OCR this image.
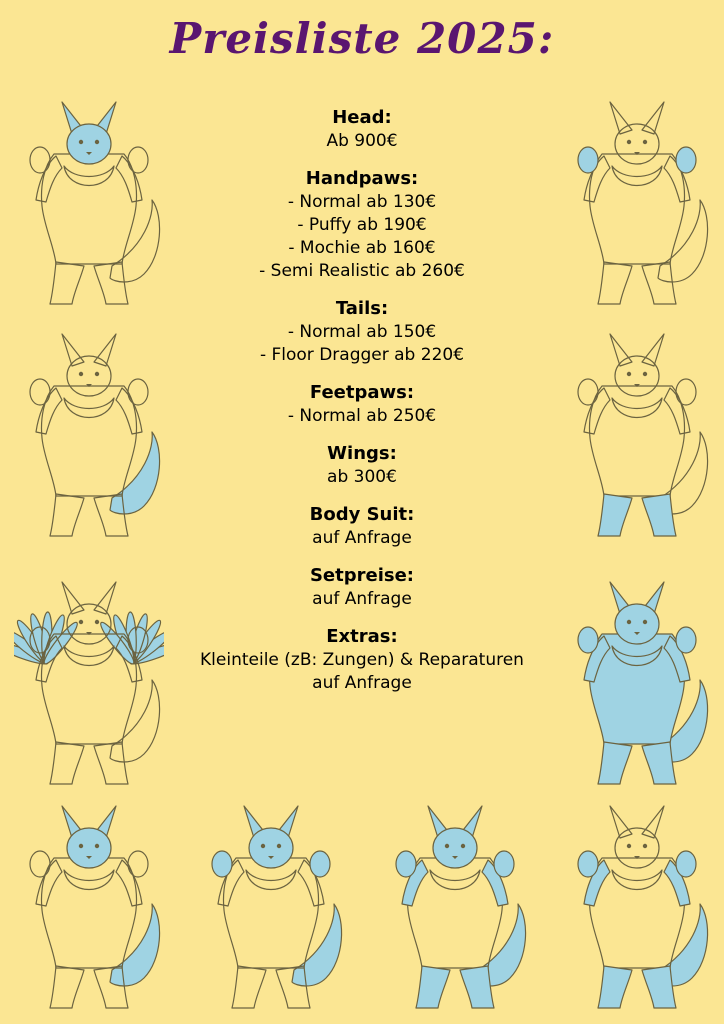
Preisliste 2025:
Head:
Ab 900€
Handpaws:
- Normal ab 130€
- Puffy ab 190€
- Mochie ab 160€
- Semi Realistic ab 260€
Tails:
- Normal ab 150€
- Floor Dragger ab 220€
Feetpaws:
- Normal ab 250€
Wings:
ab 300€
Body Suit:
auf Anfrage
Setpreise:
auf Anfrage
Extras:
Kleinteile (zB: Zungen) & Reparaturen
auf Anfrage
